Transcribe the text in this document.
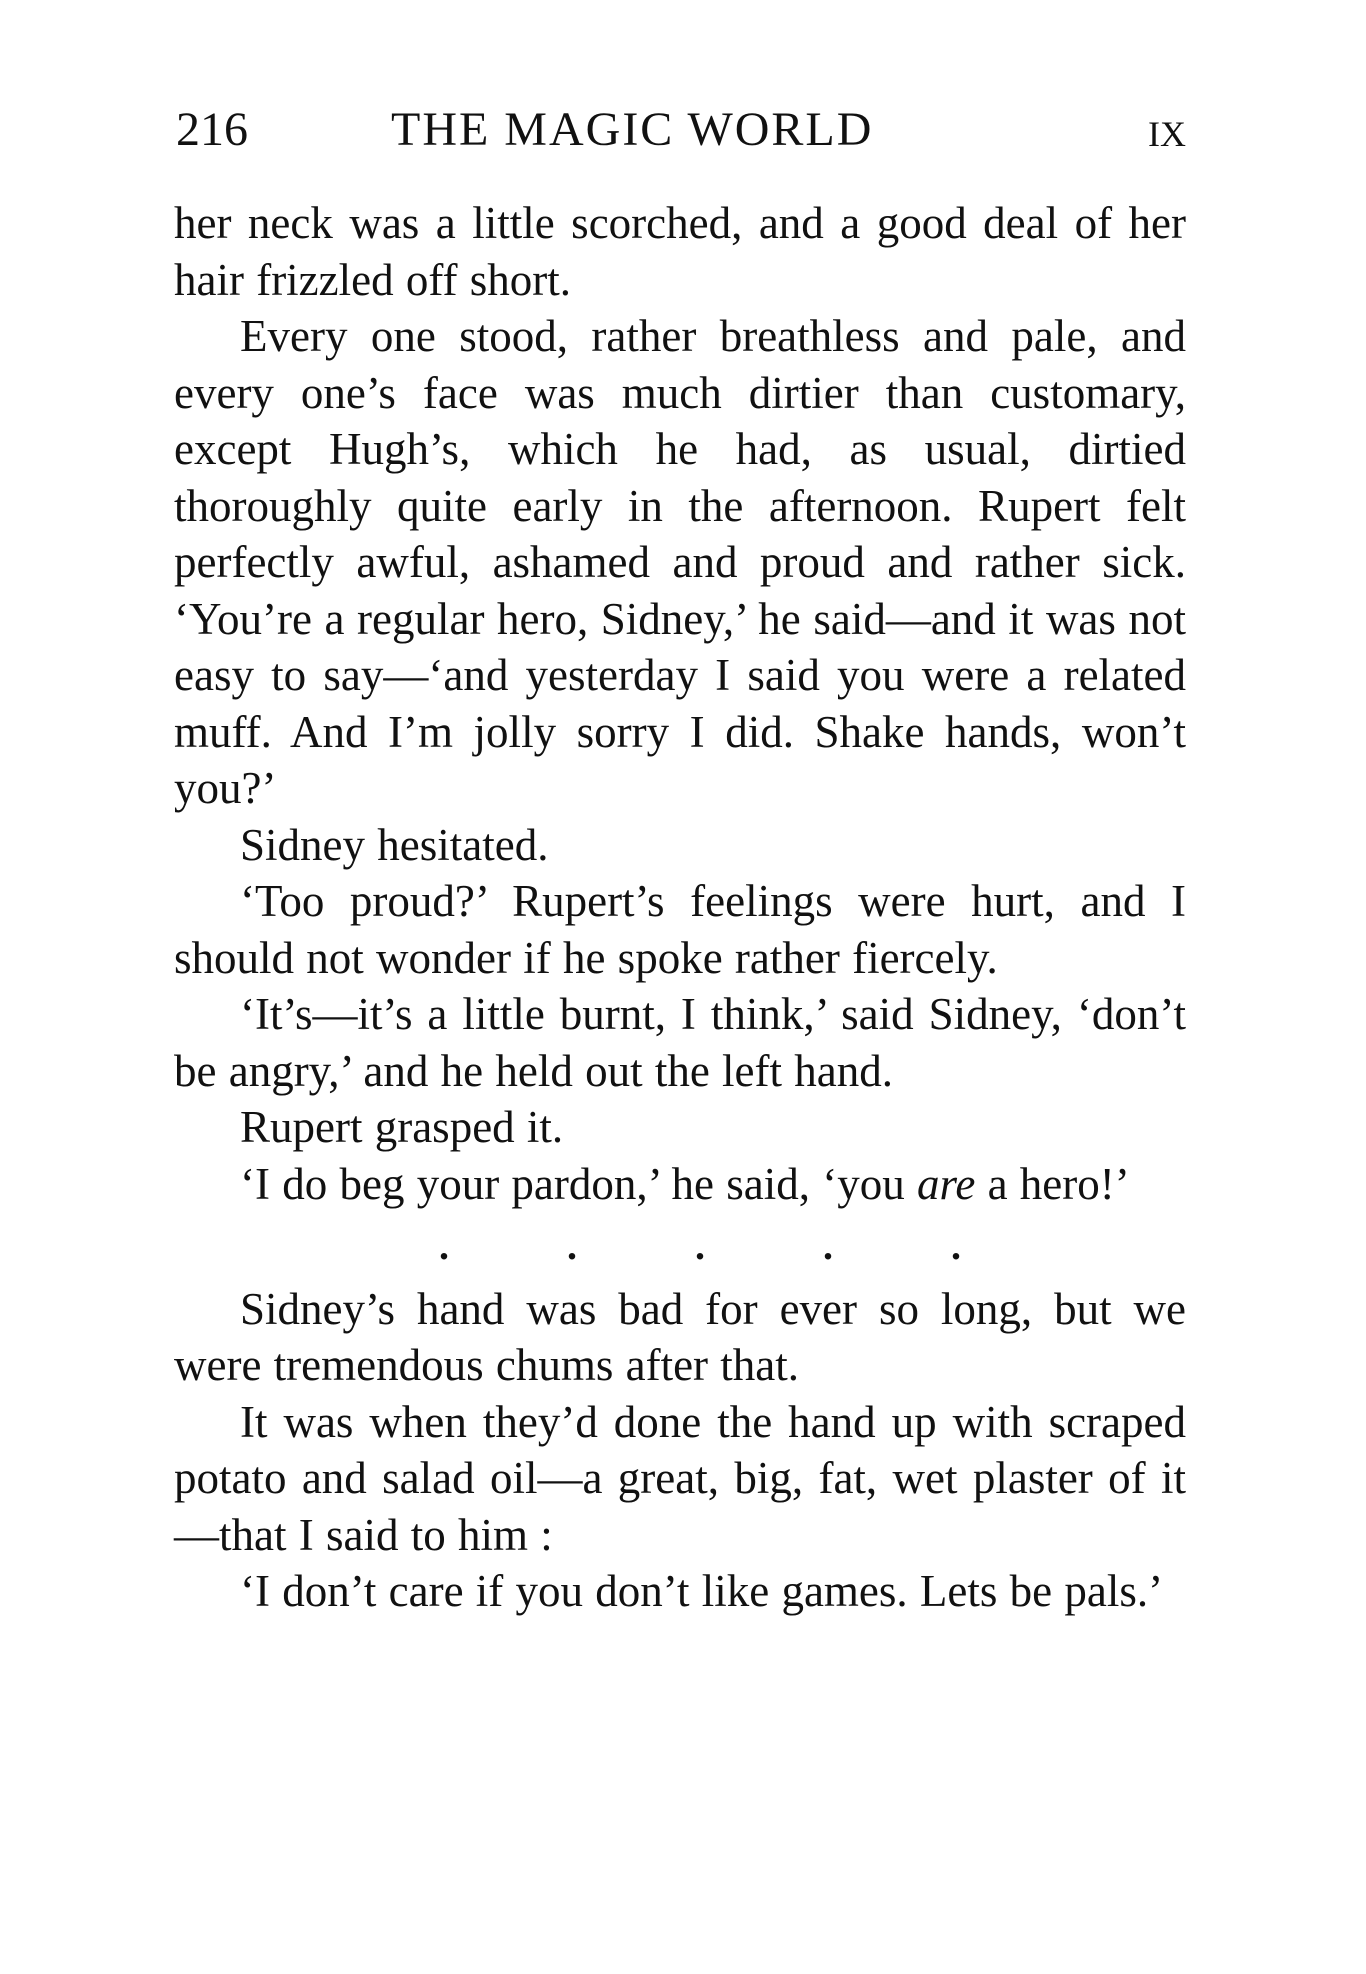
216	THE MAGIC WORLD	IX

her neck was a little scorched, and a good deal of her hair frizzled off short.

Every one stood, rather breathless and pale, and every one’s face was much dirtier than customary, except Hugh’s, which he had, as usual, dirtied thoroughly quite early in the afternoon. Rupert felt perfectly awful, ashamed and proud and rather sick. ‘You’re a regular hero, Sidney,’ he said—and it was not easy to say—‘and yesterday I said you were a related muff. And I’m jolly sorry I did. Shake hands, won’t you?’

Sidney hesitated.

‘Too proud?’ Rupert’s feelings were hurt, and I should not wonder if he spoke rather fiercely.

‘It’s—it’s a little burnt, I think,’ said Sidney, ‘don’t be angry,’ and he held out the left hand.

Rupert grasped it.

‘I do beg your pardon,’ he said, ‘you are a hero!’

.	.	.	.	.

Sidney’s hand was bad for ever so long, but we were tremendous chums after that.

It was when they’d done the hand up with scraped potato and salad oil—a great, big, fat, wet plaster of it—that I said to him :

‘I don’t care if you don’t like games. Lets be pals.’
